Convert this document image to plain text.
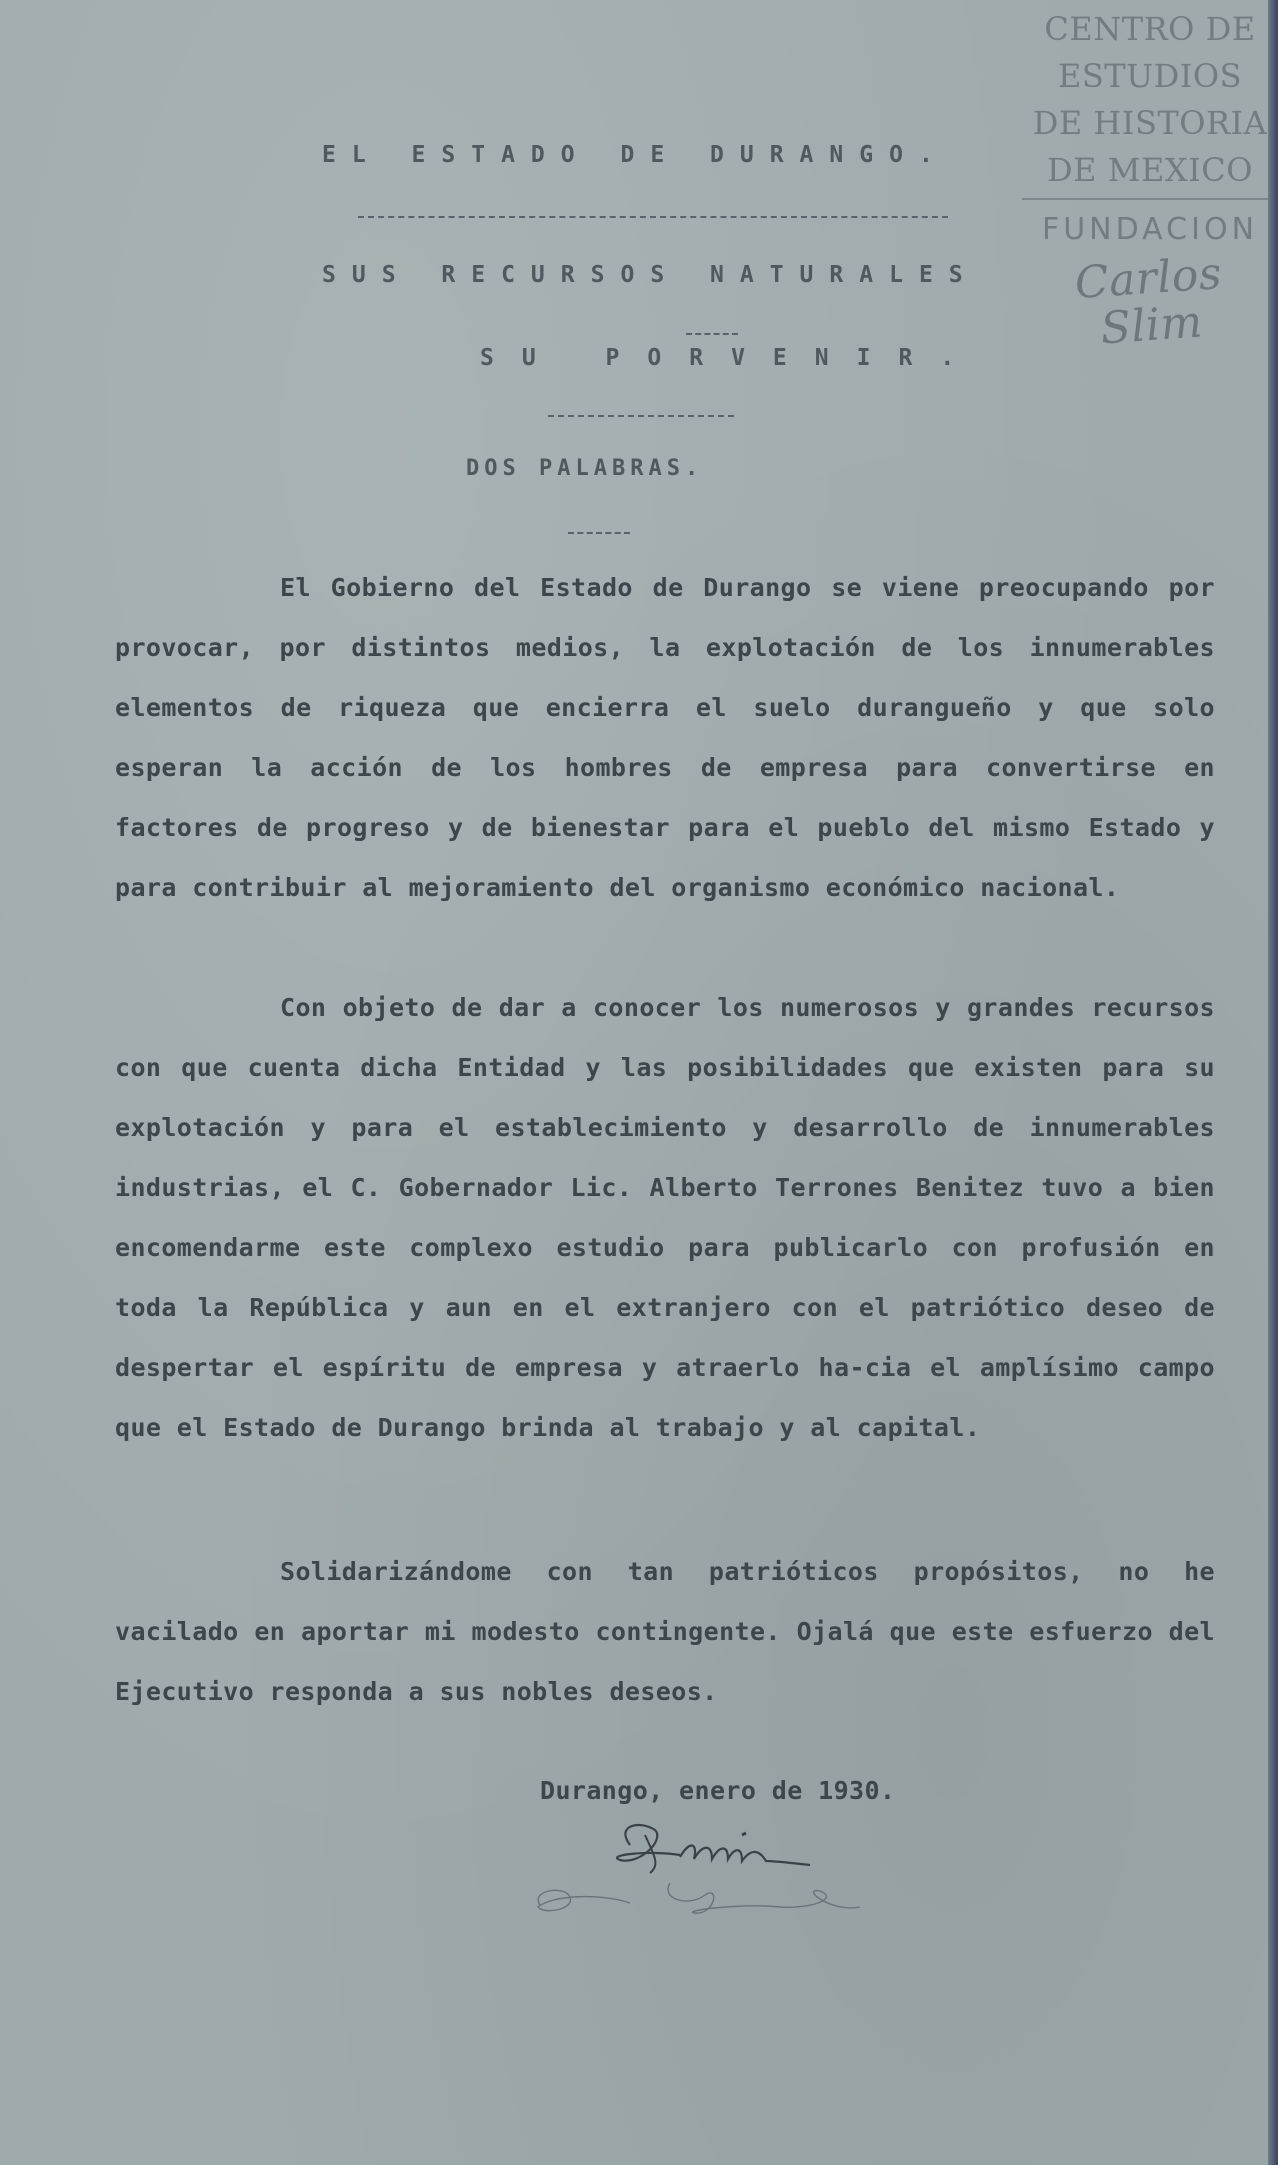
CENTRO DE
ESTUDIOS
DE HISTORIA
DE MEXICO
FUNDACION
Carlos Slim
EL ESTADO DE DURANGO.
SUS RECURSOS NATURALES
SU PORVENIR.
DOS PALABRAS.

El Gobierno del Estado de Durango se viene preocupando por provocar, por distintos medios, la explotación de los innumerables elementos de riqueza que encierra el suelo duranguеño y que solo esperan la acción de los hombres de empresa para convertirse en factores de progreso y de bienestar para el pueblo del mismo Estado y para contribuir al mejoramiento del organismo económico nacional.

Con objeto de dar a conocer los numerosos y grandes recursos con que cuenta dicha Entidad y las posibilidades que existen para su explotación y para el establecimiento y desarrollo de innumerables industrias, el C. Gobernador Lic. Alberto Terrones Benitez tuvo a bien encomendarme este complexo estudio para publicarlo con profusión en toda la República y aun en el extranjero con el patriótico deseo de despertar el espíritu de empresa y atraerlo ha-cia el amplísimo campo que el Estado de Durango brinda al trabajo y al capital.

Solidarizándome con tan patrióticos propósitos, no he vacilado en aportar mi modesto contingente. Ojalá que este esfuerzo del Ejecutivo responda a sus nobles deseos.

Durango, enero de 1930.
